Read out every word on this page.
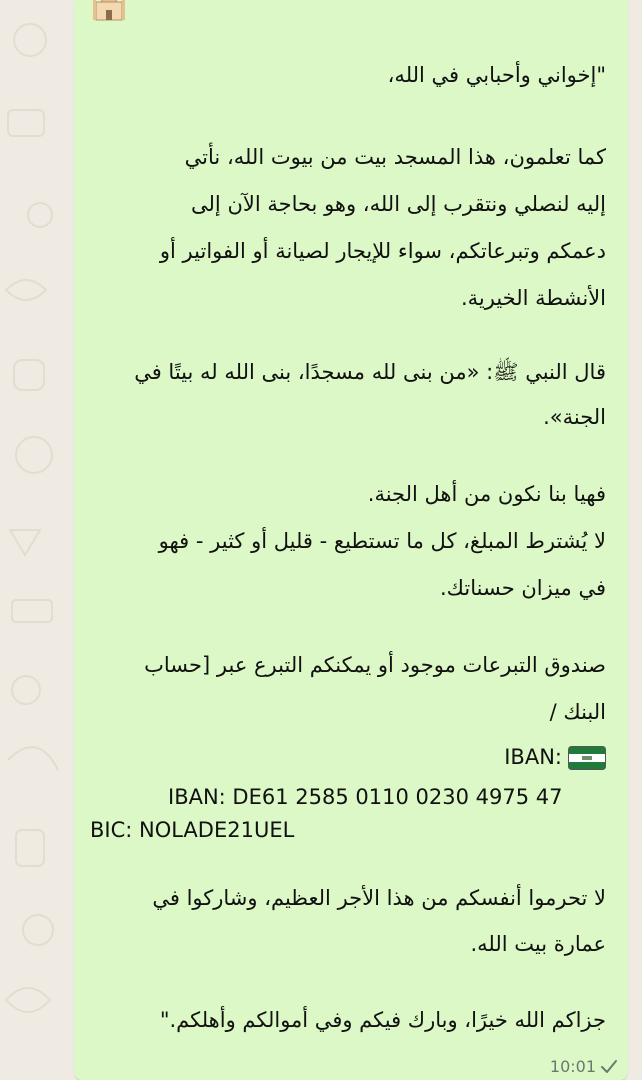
"إخواني وأحبابي في الله،

كما تعلمون، هذا المسجد بيت من بيوت الله، نأتي

إليه لنصلي ونتقرب إلى الله، وهو بحاجة الآن إلى

دعمكم وتبرعاتكم، سواء للإيجار لصيانة أو الفواتير أو

الأنشطة الخيرية.

قال النبي ﷺ: «من بنى لله مسجدًا، بنى الله له بيتًا في

الجنة».

فهيا بنا نكون من أهل الجنة.

لا يُشترط المبلغ، كل ما تستطيع - قليل أو كثير - فهو

في ميزان حسناتك.

صندوق التبرعات موجود أو يمكنكم التبرع عبر [حساب

البنك /

:IBAN

IBAN: DE61 2585 0110 0230 4975 47

BIC: NOLADE21UEL

لا تحرموا أنفسكم من هذا الأجر العظيم، وشاركوا في

عمارة بيت الله.

جزاكم الله خيرًا، وبارك فيكم وفي أموالكم وأهلكم."

10:01
